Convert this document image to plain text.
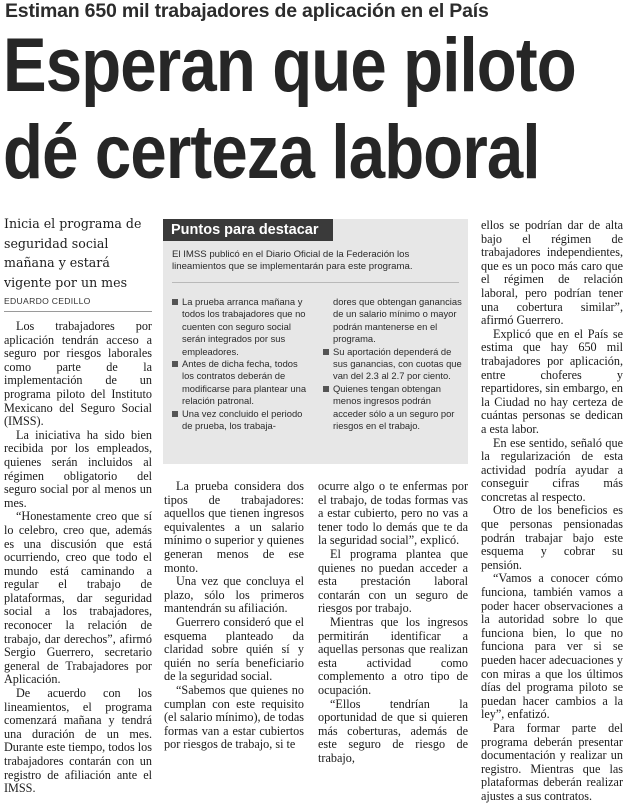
Estiman 650 mil trabajadores de aplicación en el País
Esperan que piloto
dé certeza laboral
Inicia el programa de seguridad social mañana y estará vigente por un mes
EDUARDO CEDILLO

Los trabajadores por aplicación tendrán acceso a seguro por riesgos laborales como parte de la implementación de un programa piloto del Instituto Mexicano del Seguro Social (IMSS).

La iniciativa ha sido bien recibida por los empleados, quienes serán incluidos al régimen obligatorio del seguro social por al menos un mes.

“Honestamente creo que sí lo celebro, creo que, además es una discusión que está ocurriendo, creo que todo el mundo está caminando a regular el trabajo de plataformas, dar seguridad social a los trabajadores, reconocer la relación de trabajo, dar derechos”, afirmó Sergio Guerrero, secretario general de Trabajadores por Aplicación.

De acuerdo con los lineamientos, el programa comenzará mañana y tendrá una duración de un mes. Durante este tiempo, todos los trabajadores contarán con un registro de afiliación ante el IMSS.

Puntos para destacar
El IMSS publicó en el Diario Oficial de la Federación los lineamientos que se implementarán para este programa.

La prueba arranca mañana y todos los trabajadores que no cuenten con seguro social serán integrados por sus empleadores.

Antes de dicha fecha, todos los contratos deberán de modificarse para plantear una relación patronal.

Una vez concluido el periodo de prueba, los trabaja-

dores que obtengan ganancias de un salario mínimo o mayor podrán mantenerse en el programa.

Su aportación dependerá de sus ganancias, con cuotas que van del 2.3 al 2.7 por ciento.

Quienes tengan obtengan menos ingresos podrán acceder sólo a un seguro por riesgos en el trabajo.

La prueba considera dos tipos de trabajadores: aquellos que tienen ingresos equivalentes a un salario mínimo o superior y quienes generan menos de ese monto.

Una vez que concluya el plazo, sólo los primeros mantendrán su afiliación.

Guerrero consideró que el esquema planteado da claridad sobre quién sí y quién no sería beneficiario de la seguridad social.

“Sabemos que quienes no cumplan con este requisito (el salario mínimo), de todas formas van a estar cubiertos por riesgos de trabajo, si te

ocurre algo o te enfermas por el trabajo, de todas formas vas a estar cubierto, pero no vas a tener todo lo demás que te da la seguridad social”, explicó.

El programa plantea que quienes no puedan acceder a esta prestación laboral contarán con un seguro de riesgos por trabajo.

Mientras que los ingresos permitirán identificar a aquellas personas que realizan esta actividad como complemento a otro tipo de ocupación.

“Ellos tendrían la oportunidad de que si quieren más coberturas, además de este seguro de riesgo de trabajo,

ellos se podrían dar de alta bajo el régimen de trabajadores independientes, que es un poco más caro que el régimen de relación laboral, pero podrían tener una cobertura similar”, afirmó Guerrero.

Explicó que en el País se estima que hay 650 mil trabajadores por aplicación, entre choferes y repartidores, sin embargo, en la Ciudad no hay certeza de cuántas personas se dedican a esta labor.

En ese sentido, señaló que la regularización de esta actividad podría ayudar a conseguir cifras más concretas al respecto.

Otro de los beneficios es que personas pensionadas podrán trabajar bajo este esquema y cobrar su pensión.

“Vamos a conocer cómo funciona, también vamos a poder hacer observaciones a la autoridad sobre lo que funciona bien, lo que no funciona para ver si se pueden hacer adecuaciones y con miras a que los últimos días del programa piloto se puedan hacer cambios a la ley”, enfatizó.

Para formar parte del programa deberán presentar documentación y realizar un registro. Mientras que las plataformas deberán realizar ajustes a sus contratos.
